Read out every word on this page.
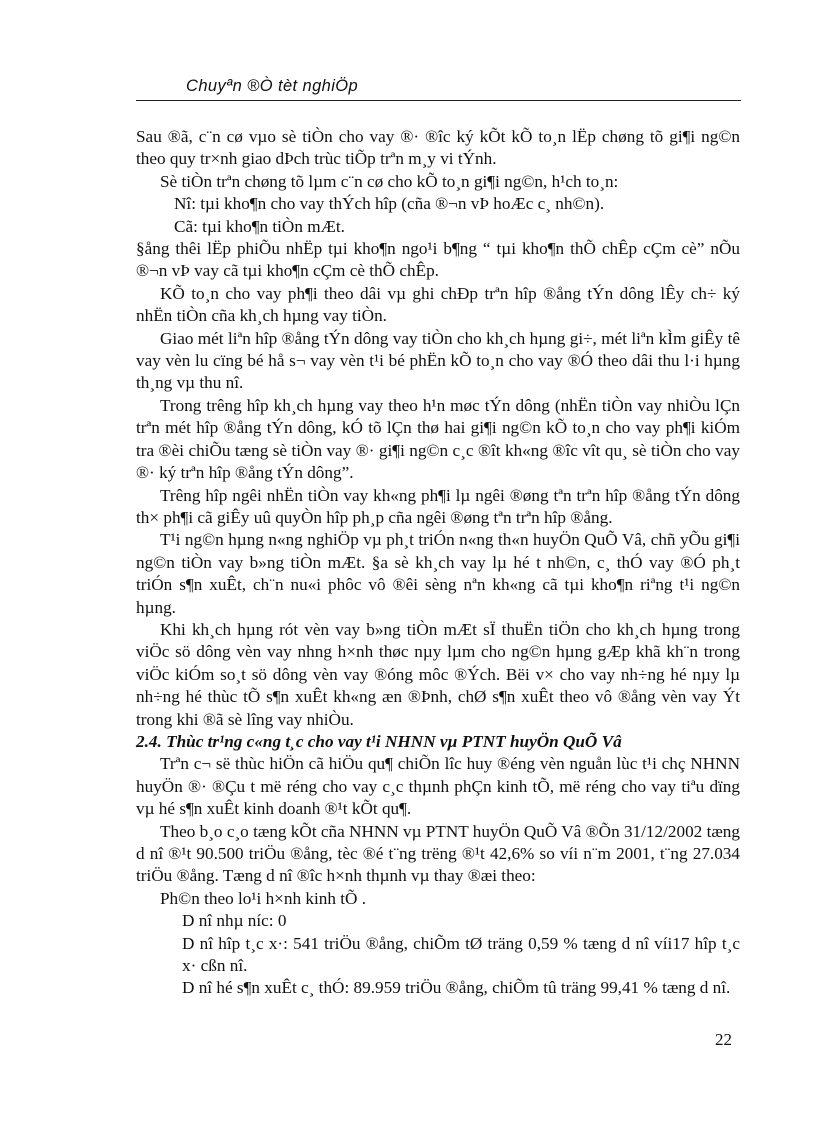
Chuyªn ®Ò tèt nghiÖp

Sau ®ã, c¨n cø vµo sè tiÒn cho vay ®· ®îc ký kÕt kÕ to¸n lËp chøng tõ gi¶i ng©n theo quy tr×nh giao dÞch trùc tiÕp trªn m¸y vi tÝnh.

Sè tiÒn trªn chøng tõ lµm c¨n cø cho kÕ to¸n gi¶i ng©n, h¹ch to¸n:

Nî: tµi kho¶n cho vay thÝch hîp (cña ®¬n vÞ hoÆc c¸ nh©n).

Cã: tµi kho¶n tiÒn mÆt.

§ång thêi lËp phiÕu nhËp tµi kho¶n ngo¹i b¶ng “ tµi kho¶n thÕ chÊp cÇm cè” nÕu ®¬n vÞ vay cã tµi kho¶n cÇm cè thÕ chÊp.

KÕ to¸n cho vay ph¶i theo dâi vµ ghi chÐp trªn hîp ®ång tÝn dông lÊy ch÷ ký nhËn tiÒn cña kh¸ch hµng vay tiÒn.

Giao mét liªn hîp ®ång tÝn dông vay tiÒn cho kh¸ch hµng gi÷, mét liªn kÌm giÊy tê vay vèn lu cïng bé hå s¬ vay vèn t¹i bé phËn kÕ to¸n cho vay ®Ó theo dâi thu l·i hµng th¸ng vµ thu nî.

Trong trêng hîp kh¸ch hµng vay theo h¹n møc tÝn dông (nhËn tiÒn vay nhiÒu lÇn trªn mét hîp ®ång tÝn dông, kÓ tõ lÇn thø hai gi¶i ng©n kÕ to¸n cho vay ph¶i kiÓm tra ®èi chiÕu tæng sè tiÒn vay ®· gi¶i ng©n c¸c ®ît kh«ng ®îc vît qu¸ sè tiÒn cho vay ®· ký trªn hîp ®ång tÝn dông”.

Trêng hîp ngêi nhËn tiÒn vay kh«ng ph¶i lµ ngêi ®øng tªn trªn hîp ®ång tÝn dông th× ph¶i cã giÊy uû quyÒn hîp ph¸p cña ngêi ®øng tªn trªn hîp ®ång.

T¹i ng©n hµng n«ng nghiÖp vµ ph¸t triÓn n«ng th«n huyÖn QuÕ Vâ, chñ yÕu gi¶i ng©n tiÒn vay b»ng tiÒn mÆt. §a sè kh¸ch vay lµ hé t nh©n, c¸ thÓ vay ®Ó ph¸t triÓn s¶n xuÊt, ch¨n nu«i phôc vô ®êi sèng nªn kh«ng cã tµi kho¶n riªng t¹i ng©n hµng.

Khi kh¸ch hµng rót vèn vay b»ng tiÒn mÆt sÏ thuËn tiÖn cho kh¸ch hµng trong viÖc sö dông vèn vay nhng h×nh thøc nµy lµm cho ng©n hµng gÆp khã kh¨n trong viÖc kiÓm so¸t sö dông vèn vay ®óng môc ®Ých. Bëi v× cho vay nh÷ng hé nµy lµ nh÷ng hé thùc tÕ s¶n xuÊt kh«ng æn ®Þnh, chØ s¶n xuÊt theo vô ®ång vèn vay Ýt trong khi ®ã sè lîng vay nhiÒu.

2.4. Thùc tr¹ng c«ng t¸c cho vay t¹i NHNN vµ PTNT huyÖn QuÕ Vâ

Trªn c¬ së thùc hiÖn cã hiÖu qu¶ chiÕn lîc huy ®éng vèn nguån lùc t¹i chç NHNN huyÖn ®· ®Çu t më réng cho vay c¸c thµnh phÇn kinh tÕ, më réng cho vay tiªu dïng vµ hé s¶n xuÊt kinh doanh ®¹t kÕt qu¶.

Theo b¸o c¸o tæng kÕt cña NHNN vµ PTNT huyÖn QuÕ Vâ ®Õn 31/12/2002 tæng d nî ®¹t 90.500 triÖu ®ång, tèc ®é t¨ng trëng ®¹t 42,6% so víi n¨m 2001, t¨ng 27.034 triÖu ®ång. Tæng d nî ®îc h×nh thµnh vµ thay ®æi theo:

Ph©n theo lo¹i h×nh kinh tÕ .

D nî nhµ níc: 0

D nî hîp t¸c x·: 541 triÖu ®ång, chiÕm tØ träng 0,59 % tæng d nî víi17 hîp t¸c x· cßn nî.

D nî hé s¶n xuÊt c¸ thÓ: 89.959 triÖu ®ång, chiÕm tû träng 99,41 % tæng d nî.

22
